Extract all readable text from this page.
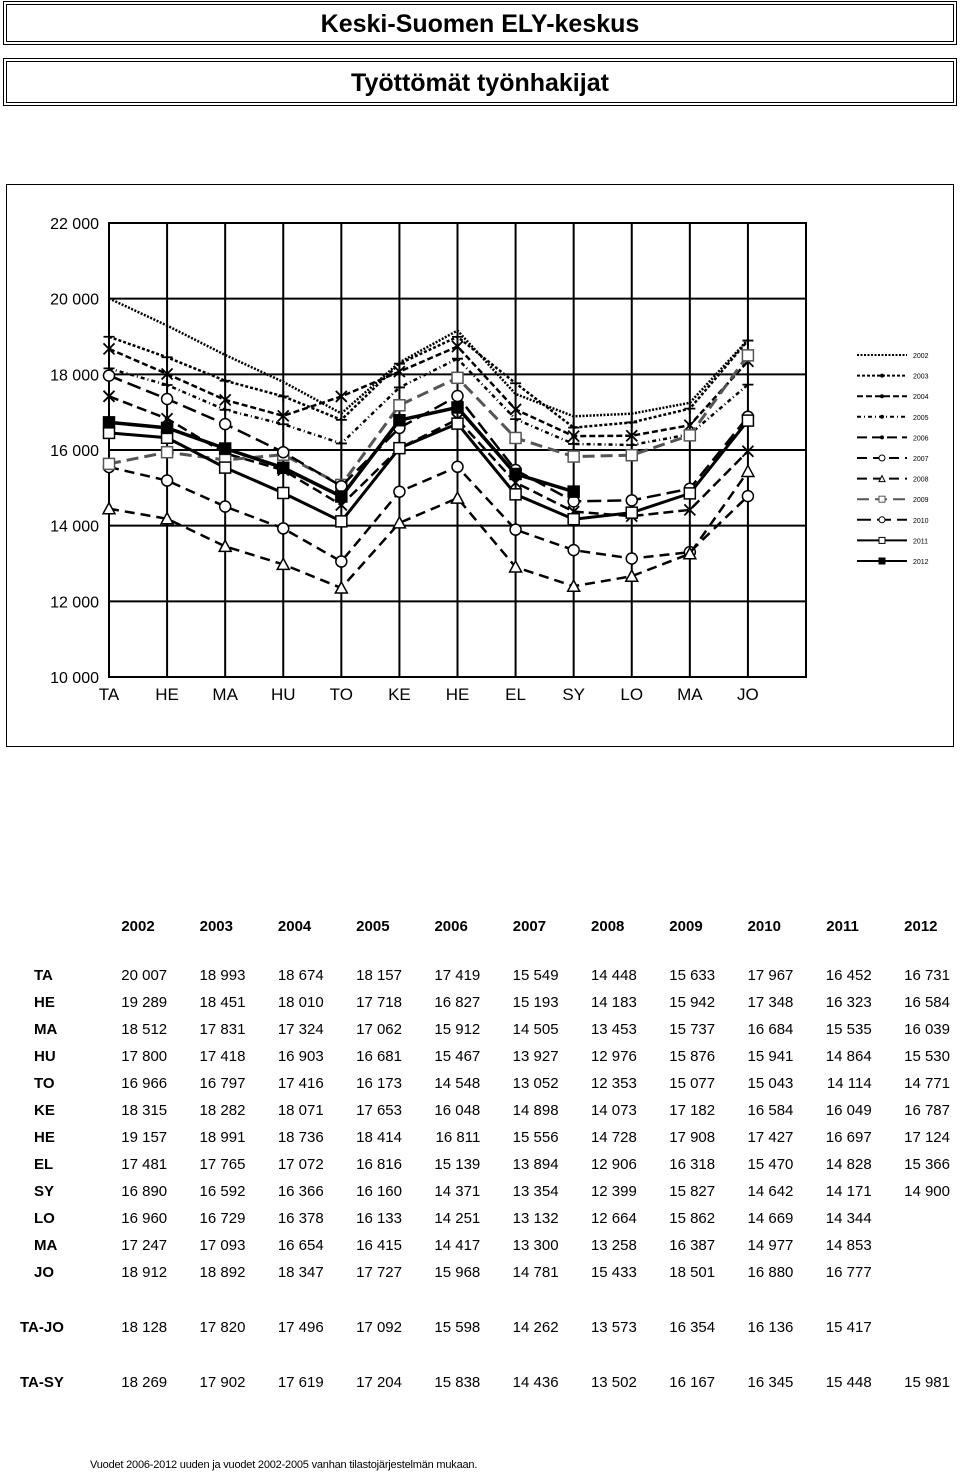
Keski-Suomen ELY-keskus
Työttömät työnhakijat
10 000
12 000
14 000
16 000
18 000
20 000
22 000
TA HE MA HU TO KE HE EL SY LO MA JO
2002
2003
2004
2005
2006
2007
2008
2009
2010
2011
2012
	2002	2003	2004	2005	2006	2007	2008	2009	2010	2011	2012

TA	20 007	18 993	18 674	18 157	17 419	15 549	14 448	15 633	17 967	16 452	16 731
HE	19 289	18 451	18 010	17 718	16 827	15 193	14 183	15 942	17 348	16 323	16 584
MA	18 512	17 831	17 324	17 062	15 912	14 505	13 453	15 737	16 684	15 535	16 039
HU	17 800	17 418	16 903	16 681	15 467	13 927	12 976	15 876	15 941	14 864	15 530
TO	16 966	16 797	17 416	16 173	14 548	13 052	12 353	15 077	15 043	14 114	14 771
KE	18 315	18 282	18 071	17 653	16 048	14 898	14 073	17 182	16 584	16 049	16 787
HE	19 157	18 991	18 736	18 414	16 811	15 556	14 728	17 908	17 427	16 697	17 124
EL	17 481	17 765	17 072	16 816	15 139	13 894	12 906	16 318	15 470	14 828	15 366
SY	16 890	16 592	16 366	16 160	14 371	13 354	12 399	15 827	14 642	14 171	14 900
LO	16 960	16 729	16 378	16 133	14 251	13 132	12 664	15 862	14 669	14 344	
MA	17 247	17 093	16 654	16 415	14 417	13 300	13 258	16 387	14 977	14 853	
JO	18 912	18 892	18 347	17 727	15 968	14 781	15 433	18 501	16 880	16 777	

TA-JO	18 128	17 820	17 496	17 092	15 598	14 262	13 573	16 354	16 136	15 417	

TA-SY	18 269	17 902	17 619	17 204	15 838	14 436	13 502	16 167	16 345	15 448	15 981
Vuodet 2006-2012 uuden ja vuodet 2002-2005 vanhan tilastojärjestelmän mukaan.
